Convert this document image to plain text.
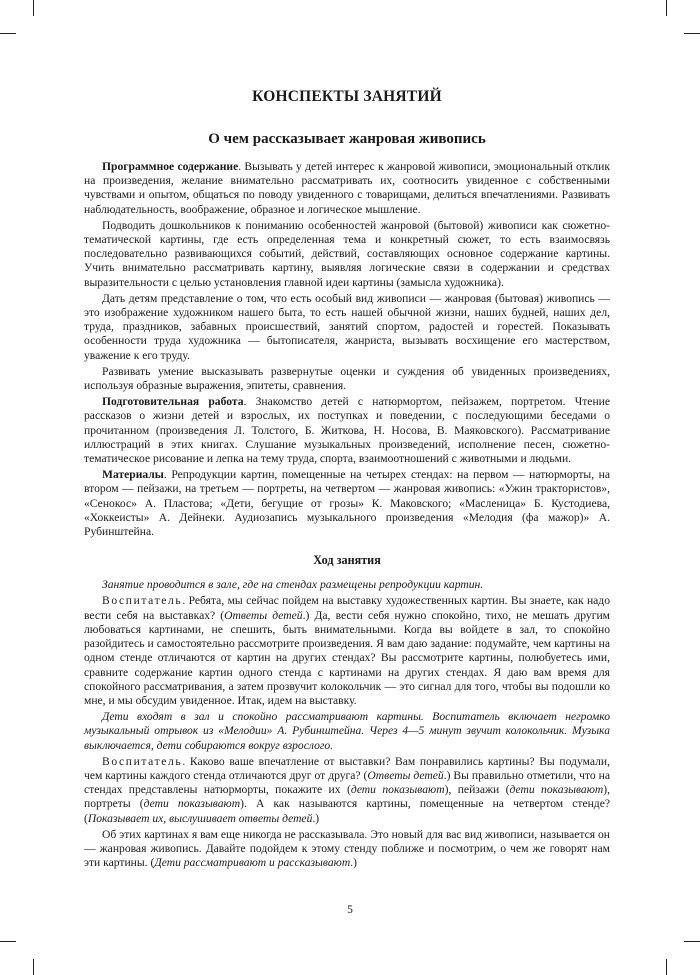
КОНСПЕКТЫ ЗАНЯТИЙ
О чем рассказывает жанровая живопись

Программное содержание. Вызывать у детей интерес к жанровой живописи, эмоциональный отклик на произведения, желание внимательно рассматривать их, соотносить увиденное с собственными чувствами и опытом, общаться по поводу увиденного с товарищами, делиться впечатлениями. Развивать наблюдательность, воображение, образное и логическое мышление.

Подводить дошкольников к пониманию особенностей жанровой (бытовой) живописи как сюжетно-тематической картины, где есть определенная тема и конкретный сюжет, то есть взаимосвязь последовательно развивающихся событий, действий, составляющих основное содержание картины. Учить внимательно рассматривать картину, выявляя логические связи в содержании и средствах выразительности с целью установления главной идеи картины (замысла художника).

Дать детям представление о том, что есть особый вид живописи — жанровая (бытовая) живопись — это изображение художником нашего быта, то есть нашей обычной жизни, наших будней, наших дел, труда, праздников, забавных происшествий, занятий спортом, радостей и горестей. Показывать особенности труда художника — бытописателя, жанриста, вызывать восхищение его мастерством, уважение к его труду.

Развивать умение высказывать развернутые оценки и суждения об увиденных произведениях, используя образные выражения, эпитеты, сравнения.

Подготовительная работа. Знакомство детей с натюрмортом, пейзажем, портретом. Чтение рассказов о жизни детей и взрослых, их поступках и поведении, с последующими беседами о прочитанном (произведения Л. Толстого, Б. Житкова, Н. Носова, В. Маяковского). Рассматривание иллюстраций в этих книгах. Слушание музыкальных произведений, исполнение песен, сюжетно-тематическое рисование и лепка на тему труда, спорта, взаимоотношений с животными и людьми.

Материалы. Репродукции картин, помещенные на четырех стендах: на первом — натюрморты, на втором — пейзажи, на третьем — портреты, на четвертом — жанровая живопись: «Ужин трактористов», «Сенокос» А. Пластова; «Дети, бегущие от грозы» К. Маковского; «Масленица» Б. Кустодиева, «Хоккеисты» А. Дейнеки. Аудиозапись музыкального произведения «Мелодия (фа мажор)» А. Рубинштейна.

Ход занятия

Занятие проводится в зале, где на стендах размещены репродукции картин.

Воспитатель. Ребята, мы сейчас пойдем на выставку художественных картин. Вы знаете, как надо вести себя на выставках? (Ответы детей.) Да, вести себя нужно спокойно, тихо, не мешать другим любоваться картинами, не спешить, быть внимательными. Когда вы войдете в зал, то спокойно разойдитесь и самостоятельно рассмотрите произведения. Я вам даю задание: подумайте, чем картины на одном стенде отличаются от картин на других стендах? Вы рассмотрите картины, полюбуетесь ими, сравните содержание картин одного стенда с картинами на других стендах. Я даю вам время для спокойного рассматривания, а затем прозвучит колокольчик — это сигнал для того, чтобы вы подошли ко мне, и мы обсудим увиденное. Итак, идем на выставку.

Дети входят в зал и спокойно рассматривают картины. Воспитатель включает негромко музыкальный отрывок из «Мелодии» А. Рубинштейна. Через 4—5 минут звучит колокольчик. Музыка выключается, дети собираются вокруг взрослого.

Воспитатель. Каково ваше впечатление от выставки? Вам понравились картины? Вы подумали, чем картины каждого стенда отличаются друг от друга? (Ответы детей.) Вы правильно отметили, что на стендах представлены натюрморты, покажите их (дети показывают), пейзажи (дети показывают), портреты (дети показывают). А как называются картины, помещенные на четвертом стенде? (Показывает их, выслушивает ответы детей.)

Об этих картинах я вам еще никогда не рассказывала. Это новый для вас вид живописи, называется он — жанровая живопись. Давайте подойдем к этому стенду поближе и посмотрим, о чем же говорят нам эти картины. (Дети рассматривают и рассказывают.)

5
